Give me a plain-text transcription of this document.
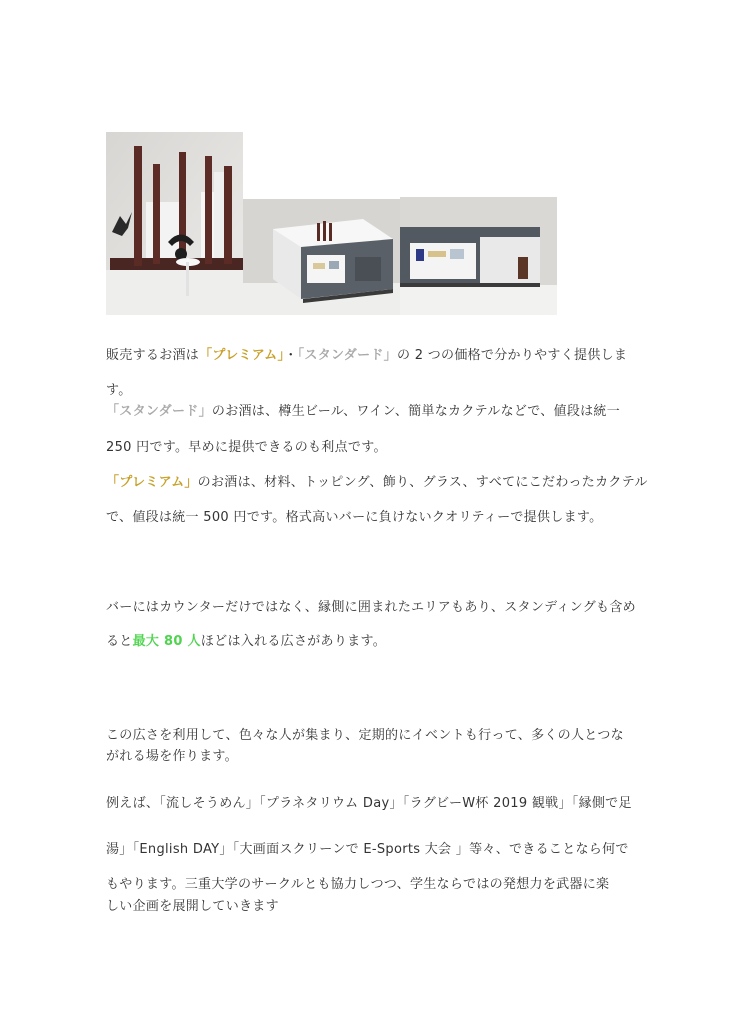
販売するお酒は「プレミアム」・「スタンダード」の 2 つの価格で分かりやすく提供しま

す。

「スタンダード」のお酒は、樽生ビール、ワイン、簡単なカクテルなどで、値段は統一

250 円です。早めに提供できるのも利点です。

「プレミアム」のお酒は、材料、トッピング、飾り、グラス、すべてにこだわったカクテル

で、値段は統一 500 円です。格式高いバーに負けないクオリティーで提供します。

バーにはカウンターだけではなく、縁側に囲まれたエリアもあり、スタンディングも含め

ると最大 80 人ほどは入れる広さがあります。

この広さを利用して、色々な人が集まり、定期的にイベントも行って、多くの人とつな

がれる場を作ります。

例えば、「流しそうめん」「プラネタリウム Day」「ラグビーW杯 2019 観戦」「縁側で足

湯」「English DAY」「大画面スクリーンで E-Sports 大会 」等々、できることなら何で

もやります。三重大学のサークルとも協力しつつ、学生ならではの発想力を武器に楽

しい企画を展開していきます
